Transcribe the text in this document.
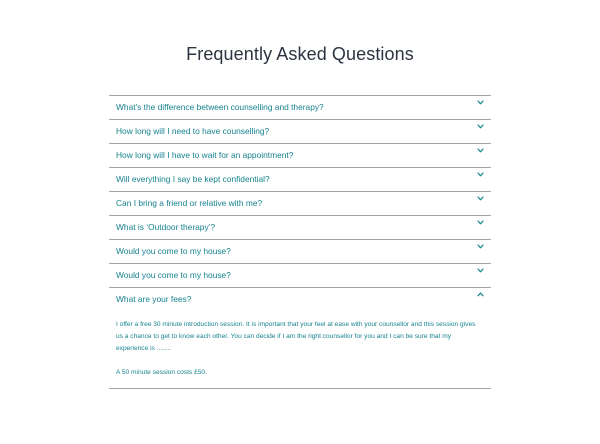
Frequently Asked Questions
What's the difference between counselling and therapy?
How long will I need to have counselling?
How long will I have to wait for an appointment?
Will everything I say be kept confidential?
Can I bring a friend or relative with me?
What is ‘Outdoor therapy’?
Would you come to my house?
Would you come to my house?
What are your fees?

I offer a free 30 minute introduction session. It is important that your feel at ease with your counsellor and this session gives us a chance to get to know each other. You can decide if I am the right counsellor for you and I can be sure that my experience is ........

A 50 minute session costs £50.
